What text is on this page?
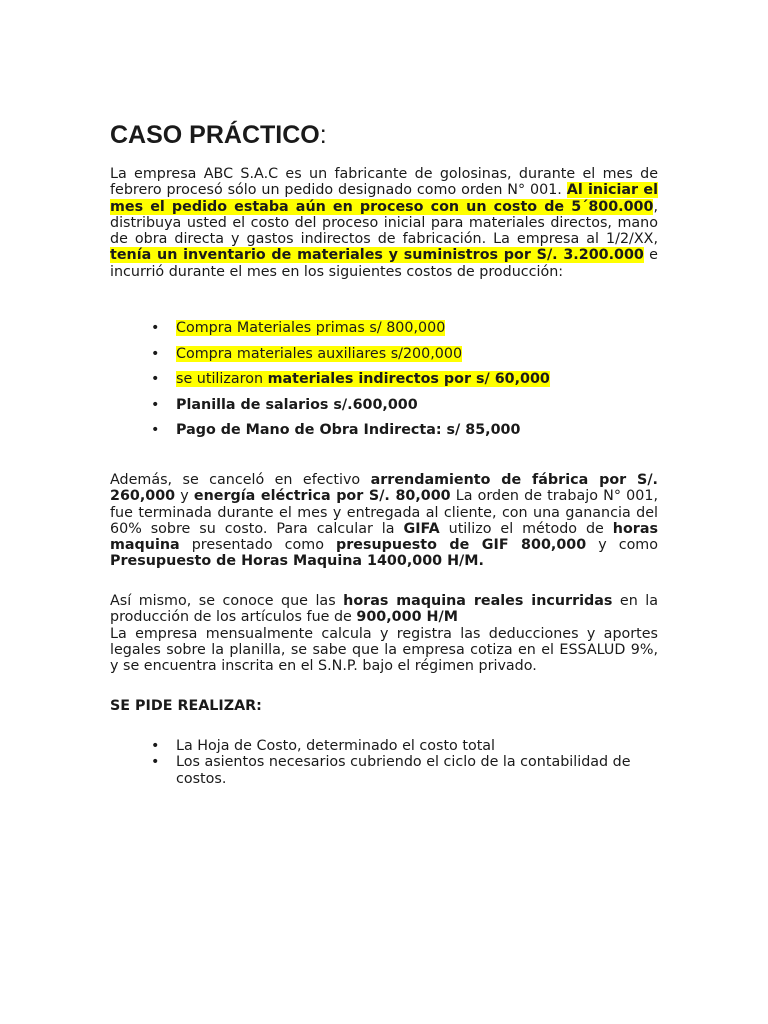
CASO PRÁCTICO:

La empresa ABC S.A.C es un fabricante de golosinas, durante el mes de febrero procesó sólo un pedido designado como orden N° 001. Al iniciar el mes el pedido estaba aún en proceso con un costo de 5´800.000, distribuya usted el costo del proceso inicial para materiales directos, mano de obra directa y gastos indirectos de fabricación. La empresa al 1/2/XX, tenía un inventario de materiales y suministros por S/. 3.200.000 e incurrió durante el mes en los siguientes costos de producción:

• Compra Materiales primas s/ 800,000
• Compra materiales auxiliares s/200,000
• se utilizaron materiales indirectos por s/ 60,000
• Planilla de salarios s/.600,000
• Pago de Mano de Obra Indirecta: s/ 85,000

Además, se canceló en efectivo arrendamiento de fábrica por S/. 260,000 y energía eléctrica por S/. 80,000 La orden de trabajo N° 001, fue terminada durante el mes y entregada al cliente, con una ganancia del 60% sobre su costo. Para calcular la GIFA utilizo el método de horas maquina presentado como presupuesto de GIF 800,000 y como Presupuesto de Horas Maquina 1400,000 H/M.

Así mismo, se conoce que las horas maquina reales incurridas en la producción de los artículos fue de 900,000 H/M
La empresa mensualmente calcula y registra las deducciones y aportes legales sobre la planilla, se sabe que la empresa cotiza en el ESSALUD 9%, y se encuentra inscrita en el S.N.P. bajo el régimen privado.

SE PIDE REALIZAR:

• La Hoja de Costo, determinado el costo total
• Los asientos necesarios cubriendo el ciclo de la contabilidad de costos.
